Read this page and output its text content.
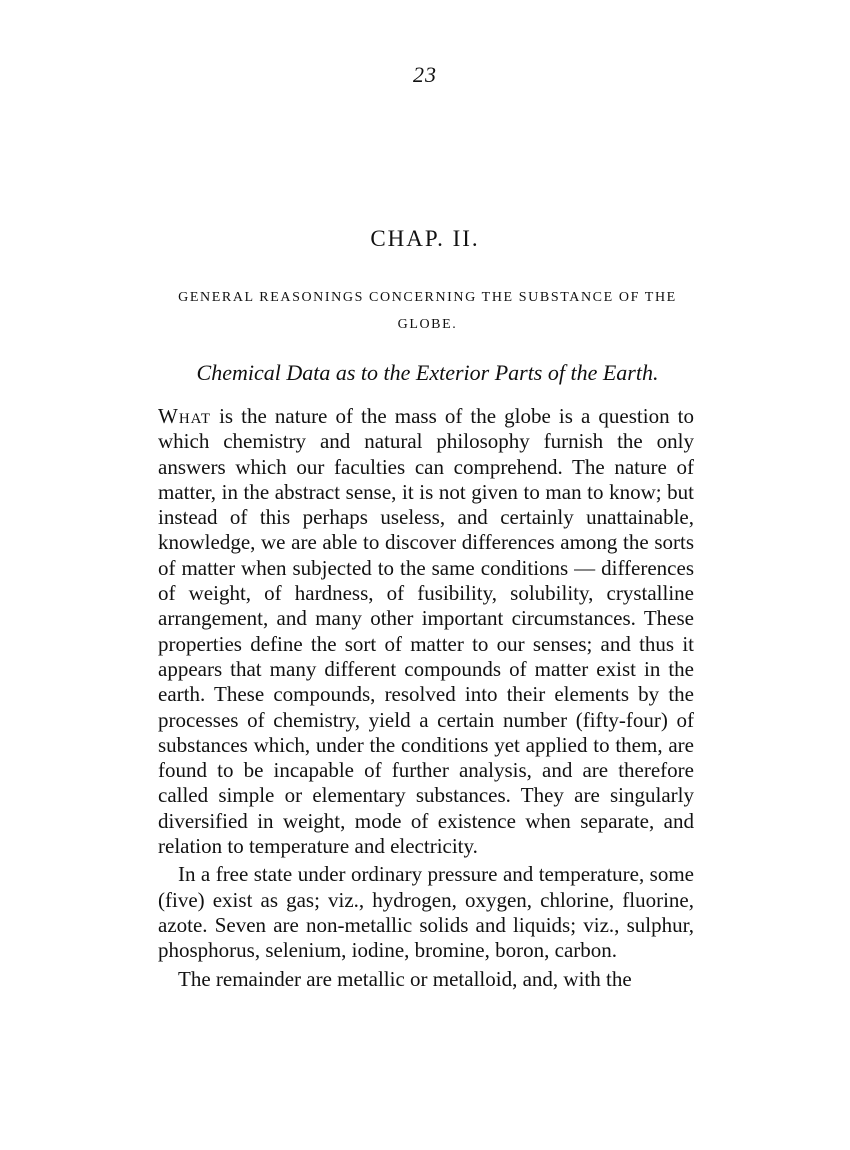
23
CHAP. II.
GENERAL REASONINGS CONCERNING THE SUBSTANCE OF THE GLOBE.
Chemical Data as to the Exterior Parts of the Earth.

What is the nature of the mass of the globe is a question to which chemistry and natural philosophy furnish the only answers which our faculties can comprehend. The nature of matter, in the abstract sense, it is not given to man to know; but instead of this perhaps useless, and certainly unattainable, knowledge, we are able to discover differences among the sorts of matter when subjected to the same conditions — differences of weight, of hardness, of fusibility, solubility, crystalline arrangement, and many other important circumstances. These properties define the sort of matter to our senses; and thus it appears that many different compounds of matter exist in the earth. These compounds, resolved into their elements by the processes of chemistry, yield a certain number (fifty-four) of substances which, under the conditions yet applied to them, are found to be incapable of further analysis, and are therefore called simple or elementary substances. They are singularly diversified in weight, mode of existence when separate, and relation to temperature and electricity.

In a free state under ordinary pressure and temperature, some (five) exist as gas; viz., hydrogen, oxygen, chlorine, fluorine, azote. Seven are non-metallic solids and liquids; viz., sulphur, phosphorus, selenium, iodine, bromine, boron, carbon.

The remainder are metallic or metalloid, and, with the
